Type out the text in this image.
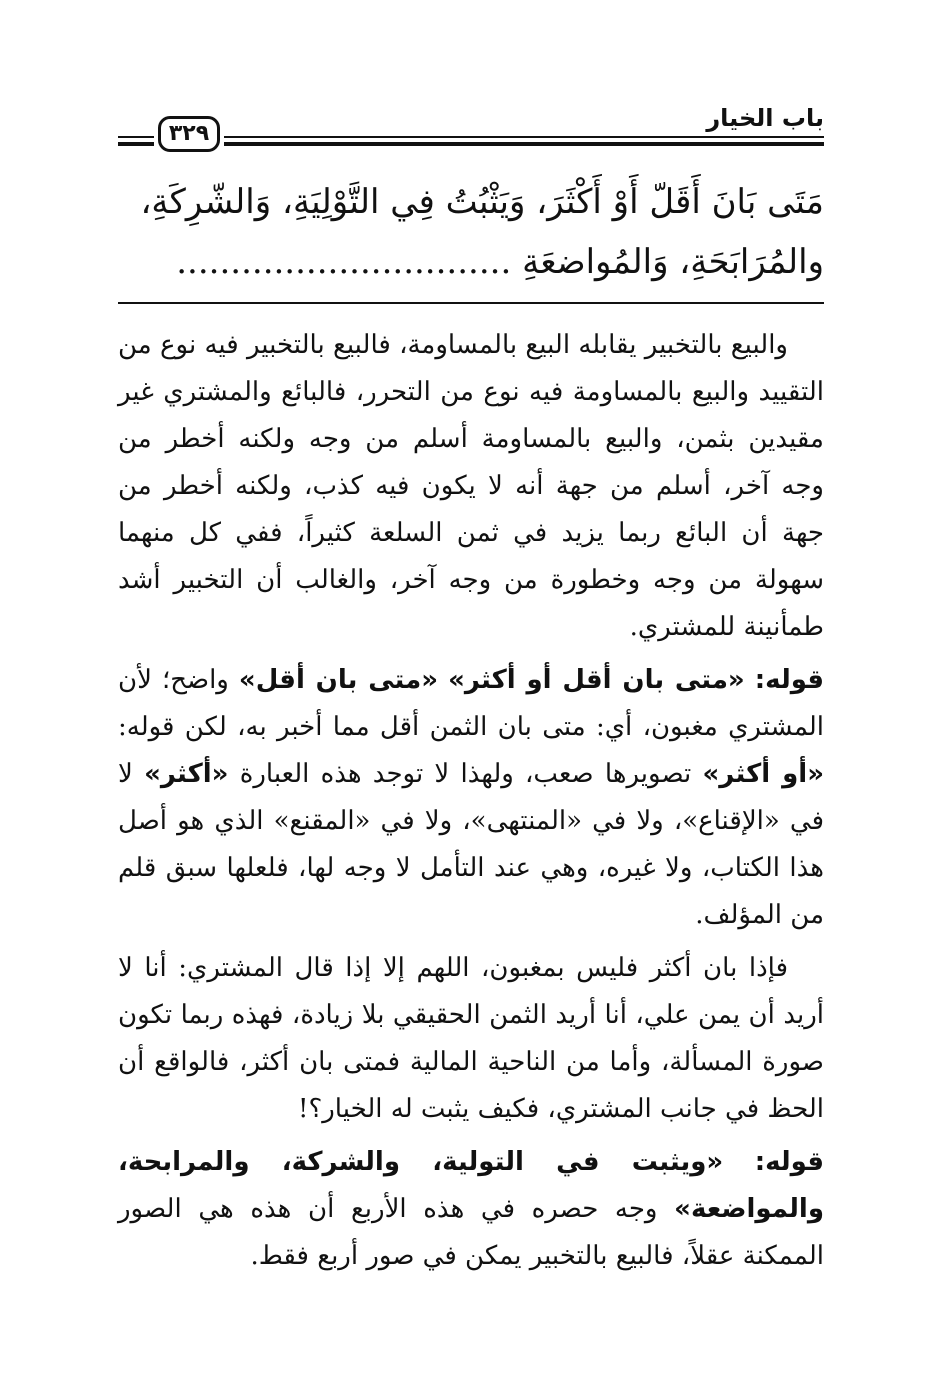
باب الخيار
٣٢٩
مَتَى بَانَ أَقَلّ أَوْ أَكْثَرَ، وَيَثْبُتُ فِي التَّوْلِيَةِ، وَالشّرِكَةِ،
والمُرَابَحَةِ، وَالمُواضعَةِ ...............................

والبيع بالتخبير يقابله البيع بالمساومة، فالبيع بالتخبير فيه نوع من التقييد والبيع بالمساومة فيه نوع من التحرر، فالبائع والمشتري غير مقيدين بثمن، والبيع بالمساومة أسلم من وجه ولكنه أخطر من وجه آخر، أسلم من جهة أنه لا يكون فيه كذب، ولكنه أخطر من جهة أن البائع ربما يزيد في ثمن السلعة كثيراً، ففي كل منهما سهولة من وجه وخطورة من وجه آخر، والغالب أن التخبير أشد طمأنينة للمشتري.

قوله: «متى بان أقل أو أكثر» «متى بان أقل» واضح؛ لأن المشتري مغبون، أي: متى بان الثمن أقل مما أخبر به، لكن قوله: «أو أكثر» تصويرها صعب، ولهذا لا توجد هذه العبارة «أكثر» لا في «الإقناع»، ولا في «المنتهى»، ولا في «المقنع» الذي هو أصل هذا الكتاب، ولا غيره، وهي عند التأمل لا وجه لها، فلعلها سبق قلم من المؤلف.

فإذا بان أكثر فليس بمغبون، اللهم إلا إذا قال المشتري: أنا لا أريد أن يمن علي، أنا أريد الثمن الحقيقي بلا زيادة، فهذه ربما تكون صورة المسألة، وأما من الناحية المالية فمتى بان أكثر، فالواقع أن الحظ في جانب المشتري، فكيف يثبت له الخيار؟!

قوله: «ويثبت في التولية، والشركة، والمرابحة، والمواضعة» وجه حصره في هذه الأربع أن هذه هي الصور الممكنة عقلاً، فالبيع بالتخبير يمكن في صور أربع فقط.
